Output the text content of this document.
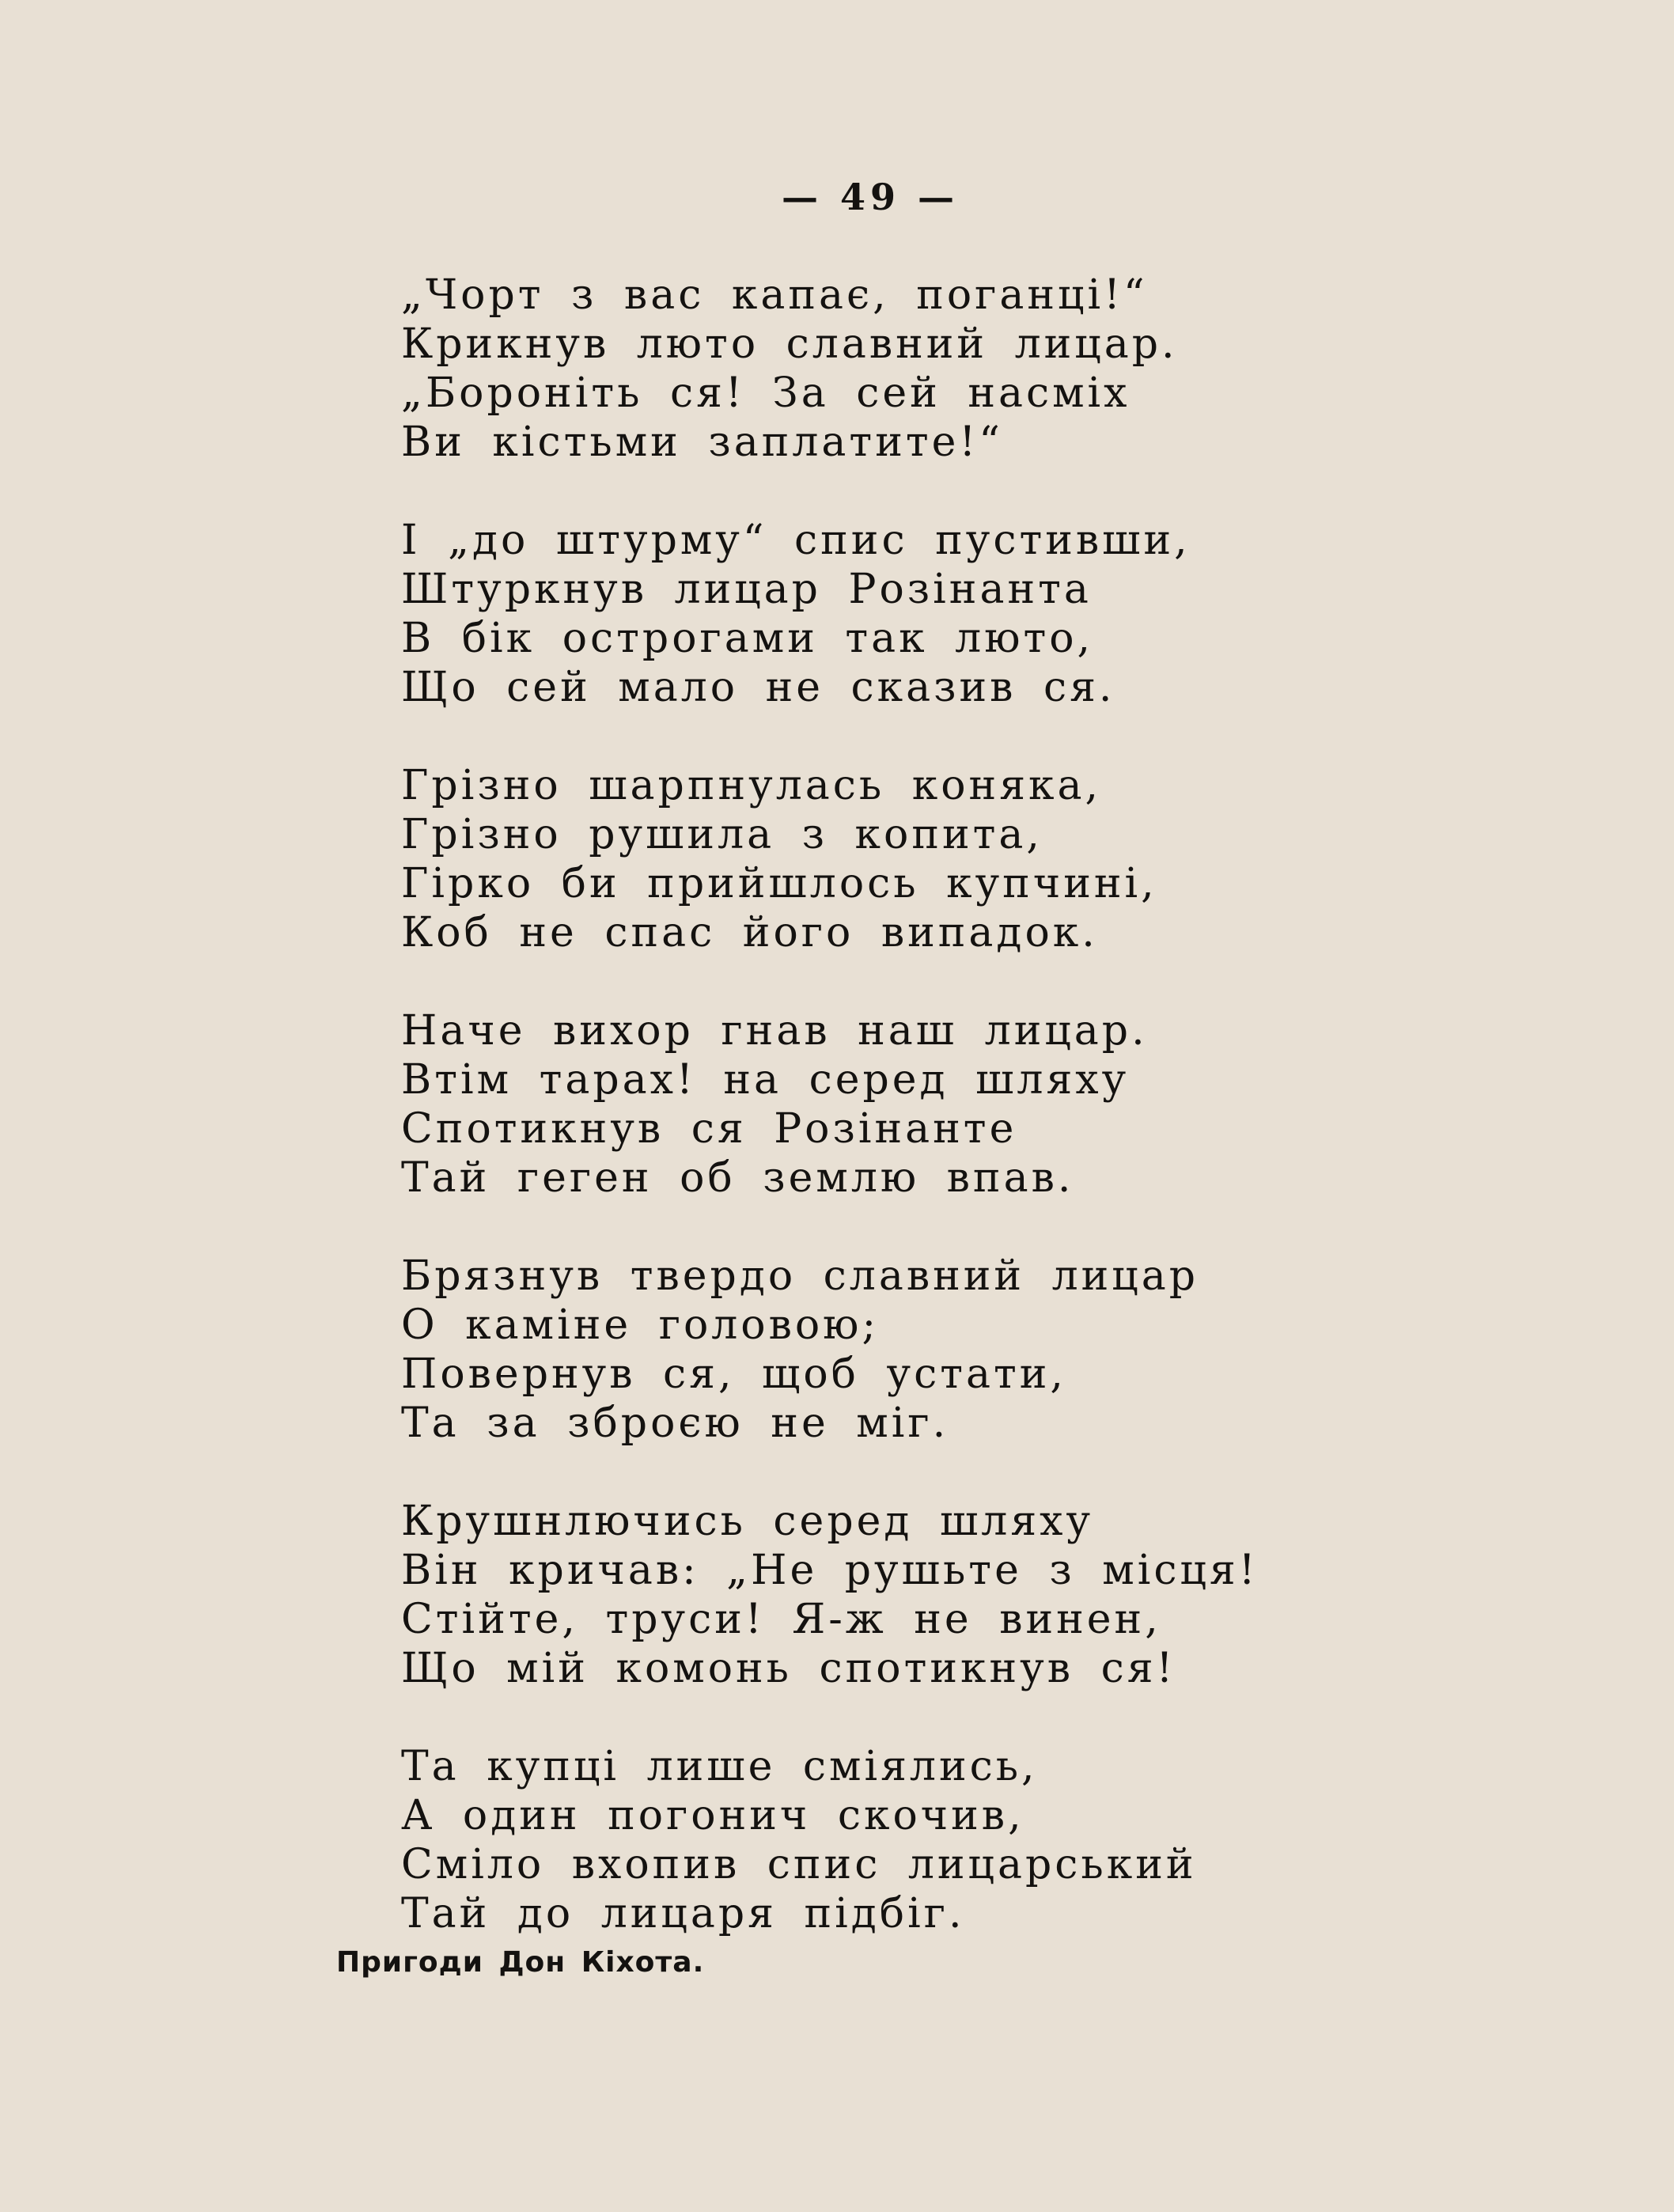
— 49 —
„Чорт з вас капає, поганці!“
Крикнув люто славний лицар.
„Бороніть ся! За сей насміх
Ви кістьми заплатите!“
І „до штурму“ спис пустивши,
Штуркнув лицар Розінанта
В бік острогами так люто,
Що сей мало не сказив ся.
Грізно шарпнулась коняка,
Грізно рушила з копита,
Гірко би прийшлось купчині,
Коб не спас його випадок.
Наче вихор гнав наш лицар.
Втім тарах! на серед шляху
Спотикнув ся Розінанте
Тай геген об землю впав.
Брязнув твердо славний лицар
О каміне головою;
Повернув ся, щоб устати,
Та за зброєю не міг.
Крушнлючись серед шляху
Він кричав: „Не рушьте з місця!
Стійте, труси! Я-ж не винен,
Що мій комонь спотикнув ся!
Та купці лише сміялись,
А один погонич скочив,
Сміло вхопив спис лицарський
Тай до лицаря підбіг.
Пригоди Дон Кіхота.
